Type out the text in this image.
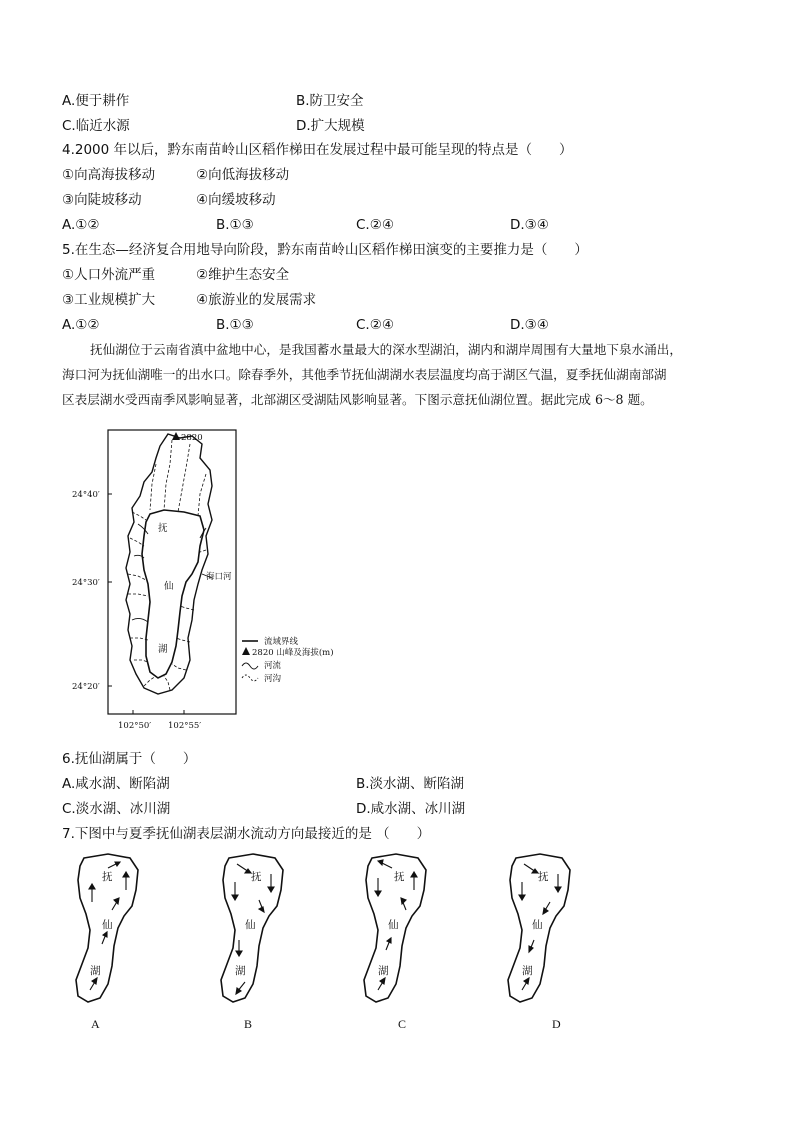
A.便于耕作	B.防卫安全
C.临近水源	D.扩大规模
4.2000 年以后，黔东南苗岭山区稻作梯田在发展过程中最可能呈现的特点是（　　）
①向高海拔移动	②向低海拔移动
③向陡坡移动	④向缓坡移动
A.①②	B.①③	C.②④	D.③④
5.在生态—经济复合用地导向阶段，黔东南苗岭山区稻作梯田演变的主要推力是（　　）
①人口外流严重	②维护生态安全
③工业规模扩大	④旅游业的发展需求
A.①②	B.①③	C.②④	D.③④
抚仙湖位于云南省滇中盆地中心，是我国蓄水量最大的深水型湖泊，湖内和湖岸周围有大量地下泉水涌出，
海口河为抚仙湖唯一的出水口。除春季外，其他季节抚仙湖湖水表层温度均高于湖区气温，夏季抚仙湖南部湖
区表层湖水受西南季风影响显著，北部湖区受湖陆风影响显著。下图示意抚仙湖位置。据此完成 6～8 题。
2820
24°40′
24°30′
24°20′
102°50′ 102°55′
海口河
抚
仙
湖
流域界线
2820 山峰及海拔(m)
河流
河沟
6.抚仙湖属于（　　）
A.咸水湖、断陷湖	B.淡水湖、断陷湖
C.淡水湖、冰川湖	D.咸水湖、冰川湖
7.下图中与夏季抚仙湖表层湖水流动方向最接近的是 （　　）
抚
仙
湖
A
抚
仙
湖
B
抚
仙
湖
C
抚
仙
湖
D
